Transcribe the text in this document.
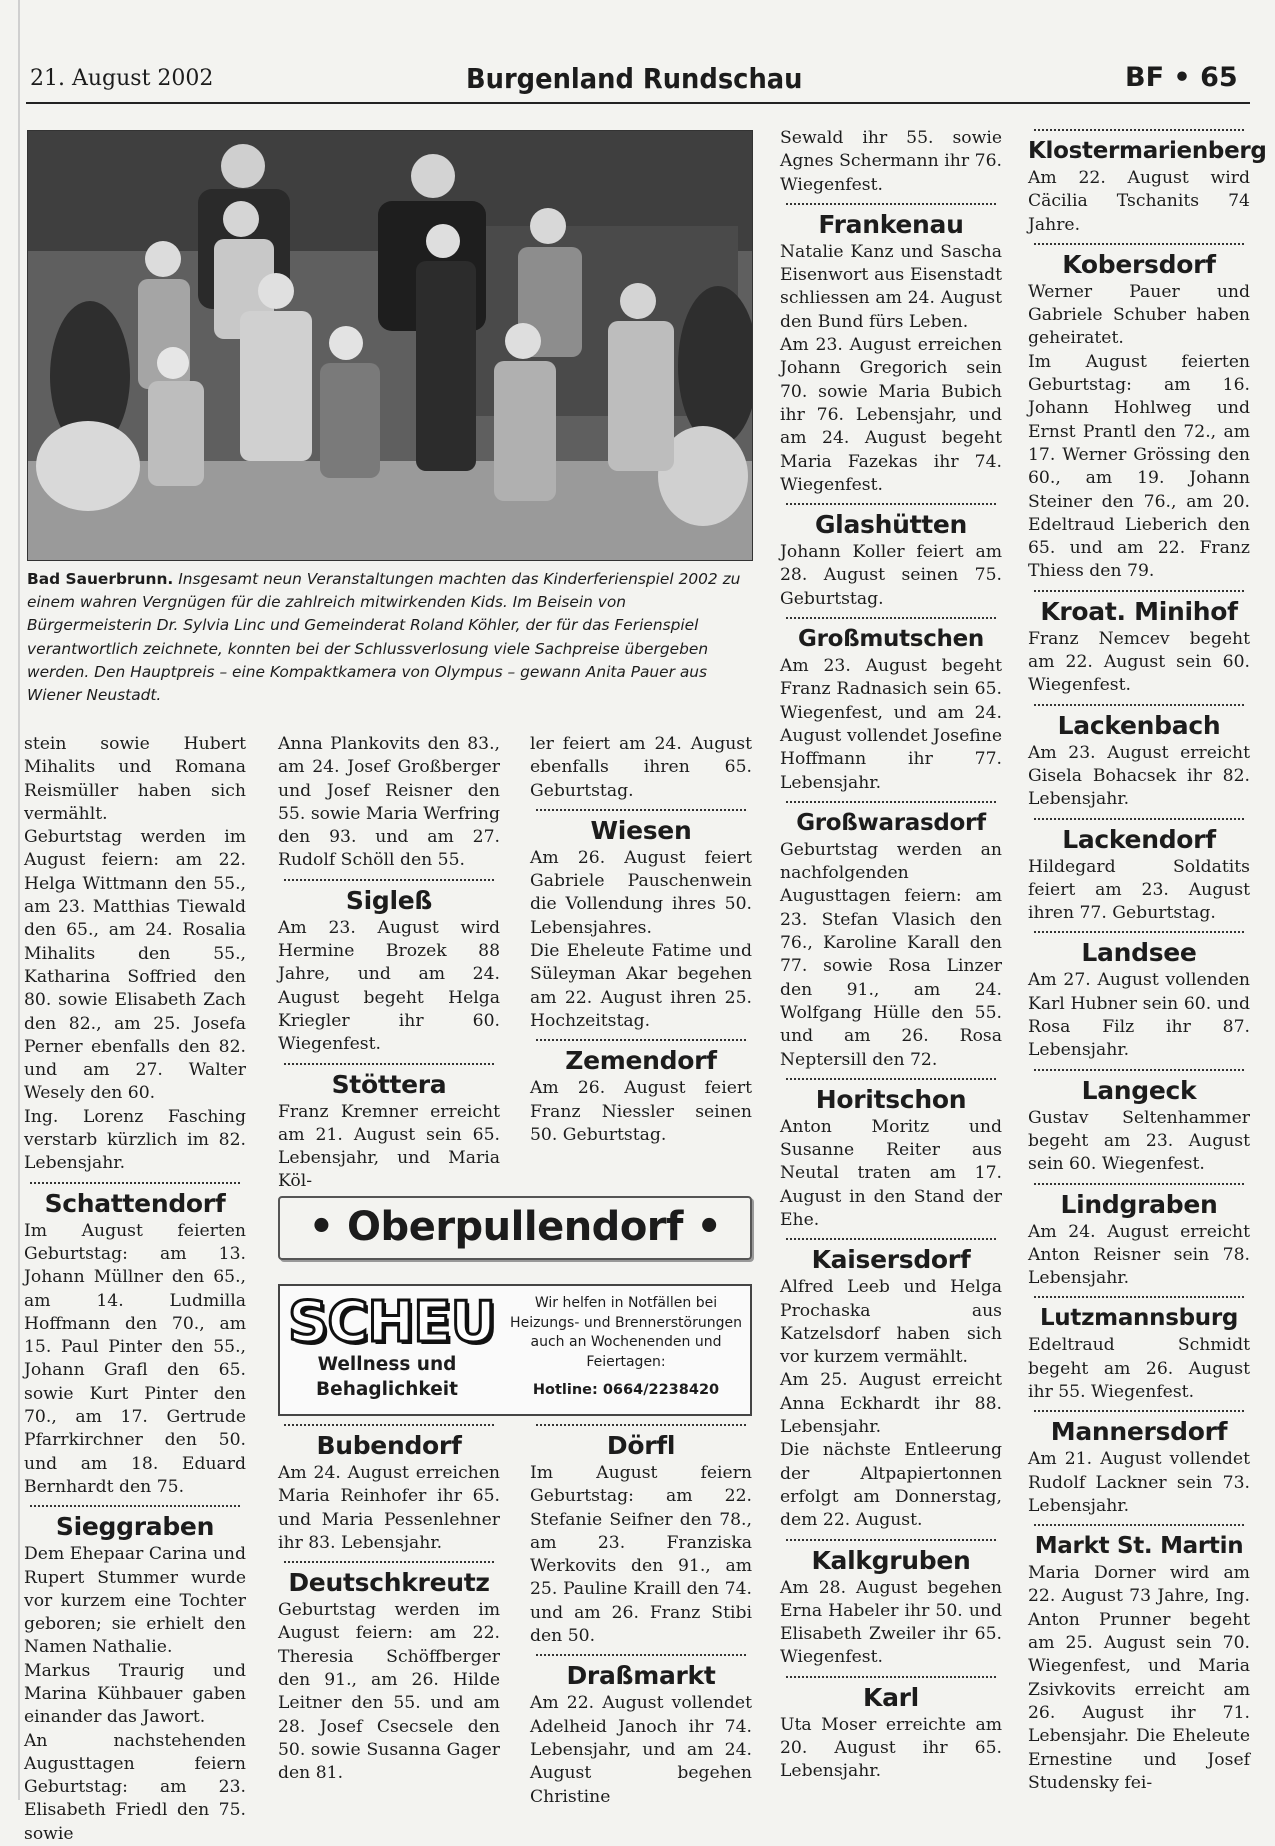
21. August 2002	Burgenland Rundschau	BF • 65
Bad Sauerbrunn. Insgesamt neun Veranstaltungen machten das Kinderferienspiel 2002 zu einem wahren Vergnügen für die zahlreich mitwirkenden Kids. Im Beisein von Bürgermeisterin Dr. Sylvia Linc und Gemeinderat Roland Köhler, der für das Ferienspiel verantwortlich zeichnete, konnten bei der Schlussverlosung viele Sachpreise übergeben werden. Den Hauptpreis – eine Kompaktkamera von Olympus – gewann Anita Pauer aus Wiener Neustadt.

stein sowie Hubert Mihalits und Romana Reismüller haben sich vermählt.

Geburtstag werden im August feiern: am 22. Helga Wittmann den 55., am 23. Matthias Tiewald den 65., am 24. Rosalia Mihalits den 55., Katharina Soffried den 80. sowie Elisabeth Zach den 82., am 25. Josefa Perner ebenfalls den 82. und am 27. Walter Wesely den 60.

Ing. Lorenz Fasching verstarb kürzlich im 82. Lebensjahr.

Schattendorf

Im August feierten Geburtstag: am 13. Johann Müllner den 65., am 14. Ludmilla Hoffmann den 70., am 15. Paul Pinter den 55., Johann Grafl den 65. sowie Kurt Pinter den 70., am 17. Gertrude Pfarrkirchner den 50. und am 18. Eduard Bernhardt den 75.

Sieggraben

Dem Ehepaar Carina und Rupert Stummer wurde vor kurzem eine Tochter geboren; sie erhielt den Namen Nathalie.

Markus Traurig und Marina Kühbauer gaben einander das Jawort.

An nachstehenden Augusttagen feiern Geburtstag: am 23. Elisabeth Friedl den 75. sowie

Anna Plankovits den 83., am 24. Josef Großberger und Josef Reisner den 55. sowie Maria Werfring den 93. und am 27. Rudolf Schöll den 55.

Sigleß

Am 23. August wird Hermine Brozek 88 Jahre, und am 24. August begeht Helga Kriegler ihr 60. Wiegenfest.

Stöttera

Franz Kremner erreicht am 21. August sein 65. Lebensjahr, und Maria Köl-

ler feiert am 24. August ebenfalls ihren 65. Geburtstag.

Wiesen

Am 26. August feiert Gabriele Pauschenwein die Vollendung ihres 50. Lebensjahres.

Die Eheleute Fatime und Süleyman Akar begehen am 22. August ihren 25. Hochzeitstag.

Zemendorf

Am 26. August feiert Franz Niessler seinen 50. Geburtstag.

• Oberpullendorf •
SCHEU
Wellness und Behaglichkeit
Wir helfen in Notfällen bei Heizungs- und Brennerstörungen auch an Wochenenden und Feiertagen:
Hotline: 0664/2238420
Bubendorf

Am 24. August erreichen Maria Reinhofer ihr 65. und Maria Pessenlehner ihr 83. Lebensjahr.

Deutschkreutz

Geburtstag werden im August feiern: am 22. Theresia Schöffberger den 91., am 26. Hilde Leitner den 55. und am 28. Josef Csecsele den 50. sowie Susanna Gager den 81.

Dörfl

Im August feiern Geburtstag: am 22. Stefanie Seifner den 78., am 23. Franziska Werkovits den 91., am 25. Pauline Kraill den 74. und am 26. Franz Stibi den 50.

Draßmarkt

Am 22. August vollendet Adelheid Janoch ihr 74. Lebensjahr, und am 24. August begehen Christine

Sewald ihr 55. sowie Agnes Schermann ihr 76. Wiegenfest.

Frankenau

Natalie Kanz und Sascha Eisenwort aus Eisenstadt schliessen am 24. August den Bund fürs Leben.

Am 23. August erreichen Johann Gregorich sein 70. sowie Maria Bubich ihr 76. Lebensjahr, und am 24. August begeht Maria Fazekas ihr 74. Wiegenfest.

Glashütten

Johann Koller feiert am 28. August seinen 75. Geburtstag.

Großmutschen

Am 23. August begeht Franz Radnasich sein 65. Wiegenfest, und am 24. August vollendet Josefine Hoffmann ihr 77. Lebensjahr.

Großwarasdorf

Geburtstag werden an nachfolgenden Augusttagen feiern: am 23. Stefan Vlasich den 76., Karoline Karall den 77. sowie Rosa Linzer den 91., am 24. Wolfgang Hülle den 55. und am 26. Rosa Neptersill den 72.

Horitschon

Anton Moritz und Susanne Reiter aus Neutal traten am 17. August in den Stand der Ehe.

Kaisersdorf

Alfred Leeb und Helga Prochaska aus Katzelsdorf haben sich vor kurzem vermählt.

Am 25. August erreicht Anna Eckhardt ihr 88. Lebensjahr.

Die nächste Entleerung der Altpapiertonnen erfolgt am Donnerstag, dem 22. August.

Kalkgruben

Am 28. August begehen Erna Habeler ihr 50. und Elisabeth Zweiler ihr 65. Wiegenfest.

Karl

Uta Moser erreichte am 20. August ihr 65. Lebensjahr.

Klostermarienberg

Am 22. August wird Cäcilia Tschanits 74 Jahre.

Kobersdorf

Werner Pauer und Gabriele Schuber haben geheiratet.

Im August feierten Geburtstag: am 16. Johann Hohlweg und Ernst Prantl den 72., am 17. Werner Grössing den 60., am 19. Johann Steiner den 76., am 20. Edeltraud Lieberich den 65. und am 22. Franz Thiess den 79.

Kroat. Minihof

Franz Nemcev begeht am 22. August sein 60. Wiegenfest.

Lackenbach

Am 23. August erreicht Gisela Bohacsek ihr 82. Lebensjahr.

Lackendorf

Hildegard Soldatits feiert am 23. August ihren 77. Geburtstag.

Landsee

Am 27. August vollenden Karl Hubner sein 60. und Rosa Filz ihr 87. Lebensjahr.

Langeck

Gustav Seltenhammer begeht am 23. August sein 60. Wiegenfest.

Lindgraben

Am 24. August erreicht Anton Reisner sein 78. Lebensjahr.

Lutzmannsburg

Edeltraud Schmidt begeht am 26. August ihr 55. Wiegenfest.

Mannersdorf

Am 21. August vollendet Rudolf Lackner sein 73. Lebensjahr.

Markt St. Martin

Maria Dorner wird am 22. August 73 Jahre, Ing. Anton Prunner begeht am 25. August sein 70. Wiegenfest, und Maria Zsivkovits erreicht am 26. August ihr 71. Lebensjahr. Die Eheleute Ernestine und Josef Studensky fei-
